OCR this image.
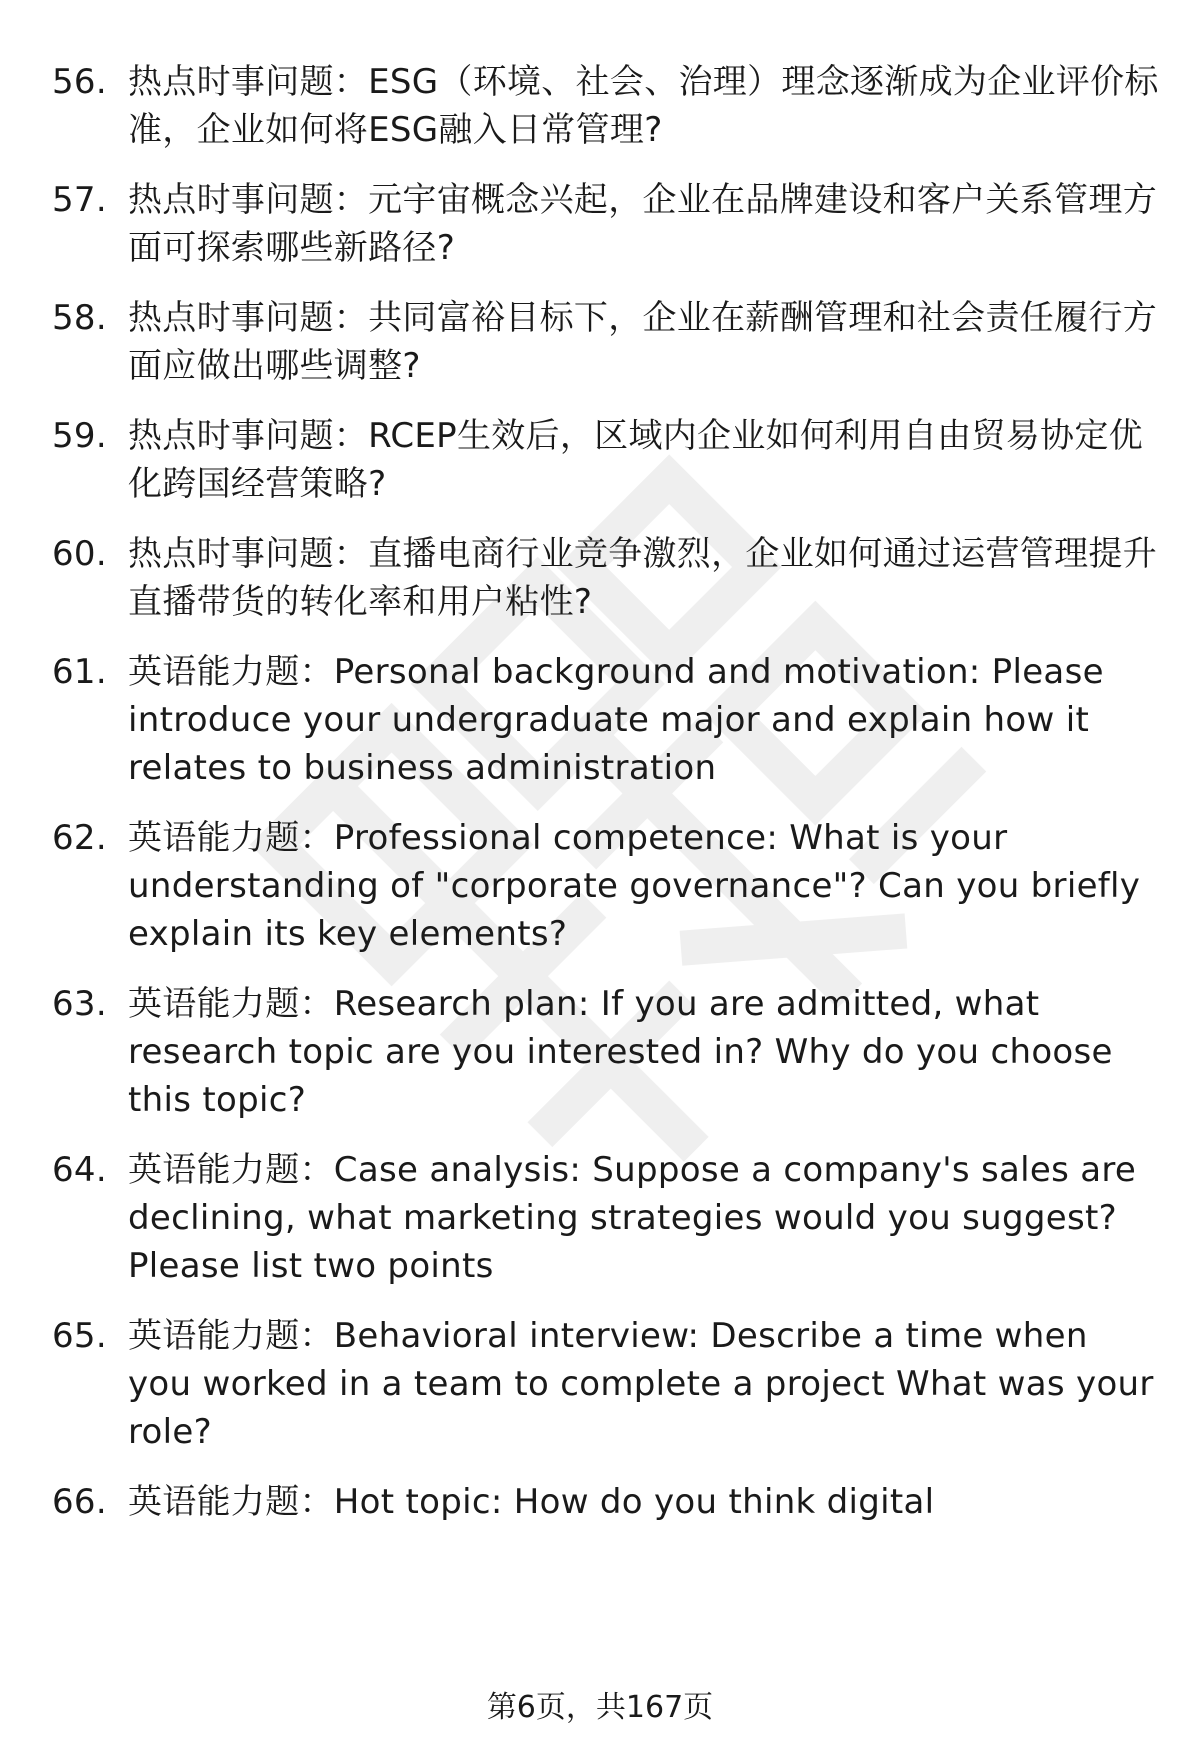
56. 热点时事问题：ESG（环境、社会、治理）理念逐渐成为企业评价标准，企业如何将ESG融入日常管理?
57. 热点时事问题：元宇宙概念兴起，企业在品牌建设和客户关系管理方面可探索哪些新路径?
58. 热点时事问题：共同富裕目标下，企业在薪酬管理和社会责任履行方面应做出哪些调整?
59. 热点时事问题：RCEP生效后，区域内企业如何利用自由贸易协定优化跨国经营策略?
60. 热点时事问题：直播电商行业竞争激烈，企业如何通过运营管理提升直播带货的转化率和用户粘性?
61. 英语能力题：Personal background and motivation: Please introduce your undergraduate major and explain how it relates to business administration
62. 英语能力题：Professional competence: What is your understanding of "corporate governance"? Can you briefly explain its key elements?
63. 英语能力题：Research plan: If you are admitted, what research topic are you interested in? Why do you choose this topic?
64. 英语能力题：Case analysis: Suppose a company's sales are declining, what marketing strategies would you suggest? Please list two points
65. 英语能力题：Behavioral interview: Describe a time when you worked in a team to complete a project What was your role?
66. 英语能力题：Hot topic: How do you think digital
第6页，共167页
